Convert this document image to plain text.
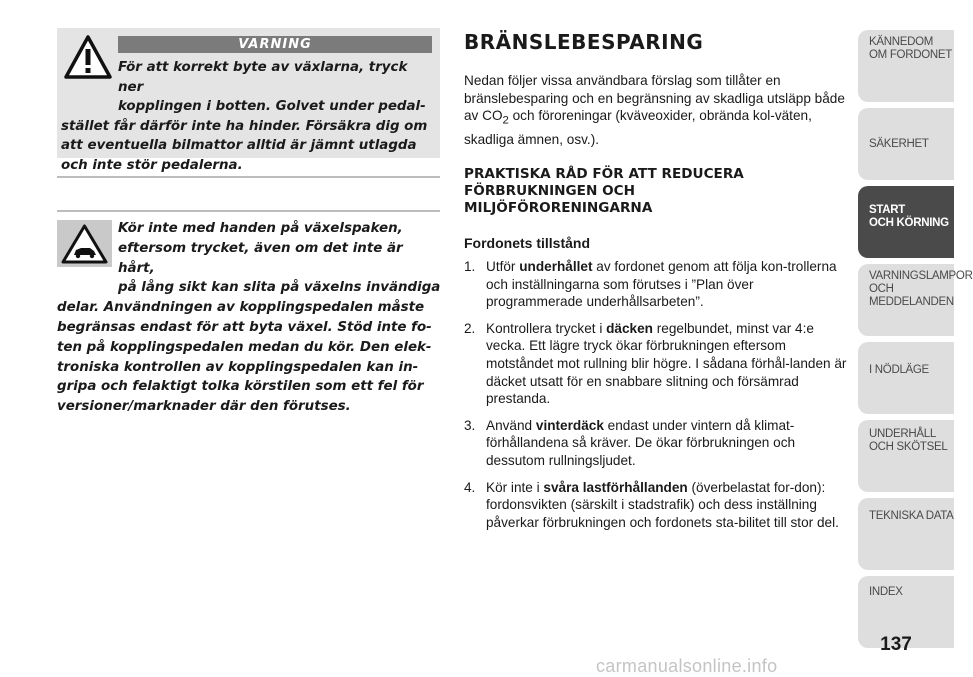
VARNING
För att korrekt byte av växlarna, tryck ner
kopplingen i botten. Golvet under pedal-
stället får därför inte ha hinder. Försäkra dig om
att eventuella bilmattor alltid är jämnt utlagda
och inte stör pedalerna.
Kör inte med handen på växelspaken,
eftersom trycket, även om det inte är hårt,
på lång sikt kan slita på växelns invändiga
delar. Användningen av kopplingspedalen måste
begränsas endast för att byta växel. Stöd inte fo-
ten på kopplingspedalen medan du kör. Den elek-
troniska kontrollen av kopplingspedalen kan in-
gripa och felaktigt tolka körstilen som ett fel för
versioner/marknader där den förutses.
BRÄNSLEBESPARING

Nedan följer vissa användbara förslag som tillåter en bränslebesparing och en begränsning av skadliga utsläpp både av $CO_2$ och föroreningar (kväveoxider, obrända kol-väten, skadliga ämnen, osv.).

PRAKTISKA RÅD FÖR ATT REDUCERA
FÖRBRUKNINGEN OCH
MILJÖFÖRORENINGARNA
Fordonets tillstånd
1. Utför underhållet av fordonet genom att följa kon-trollerna och inställningarna som förutses i ”Plan över programmerade underhållsarbeten”.
2. Kontrollera trycket i däcken regelbundet, minst var 4:e vecka. Ett lägre tryck ökar förbrukningen eftersom motståndet mot rullning blir högre. I sådana förhål-landen är däcket utsatt för en snabbare slitning och försämrad prestanda.
3. Använd vinterdäck endast under vintern då klimat-förhållandena så kräver. De ökar förbrukningen och dessutom rullningsljudet.
4. Kör inte i svåra lastförhållanden (överbelastat for-don): fordonsvikten (särskilt i stadstrafik) och dess inställning påverkar förbrukningen och fordonets sta-bilitet till stor del.
KÄNNEDOM
OM FORDONET
SÄKERHET
START
OCH KÖRNING
VARNINGSLAMPOR
OCH
MEDDELANDEN
I NÖDLÄGE
UNDERHÅLL
OCH SKÖTSEL
TEKNISKA DATA
INDEX
137
carmanualsonline.info
